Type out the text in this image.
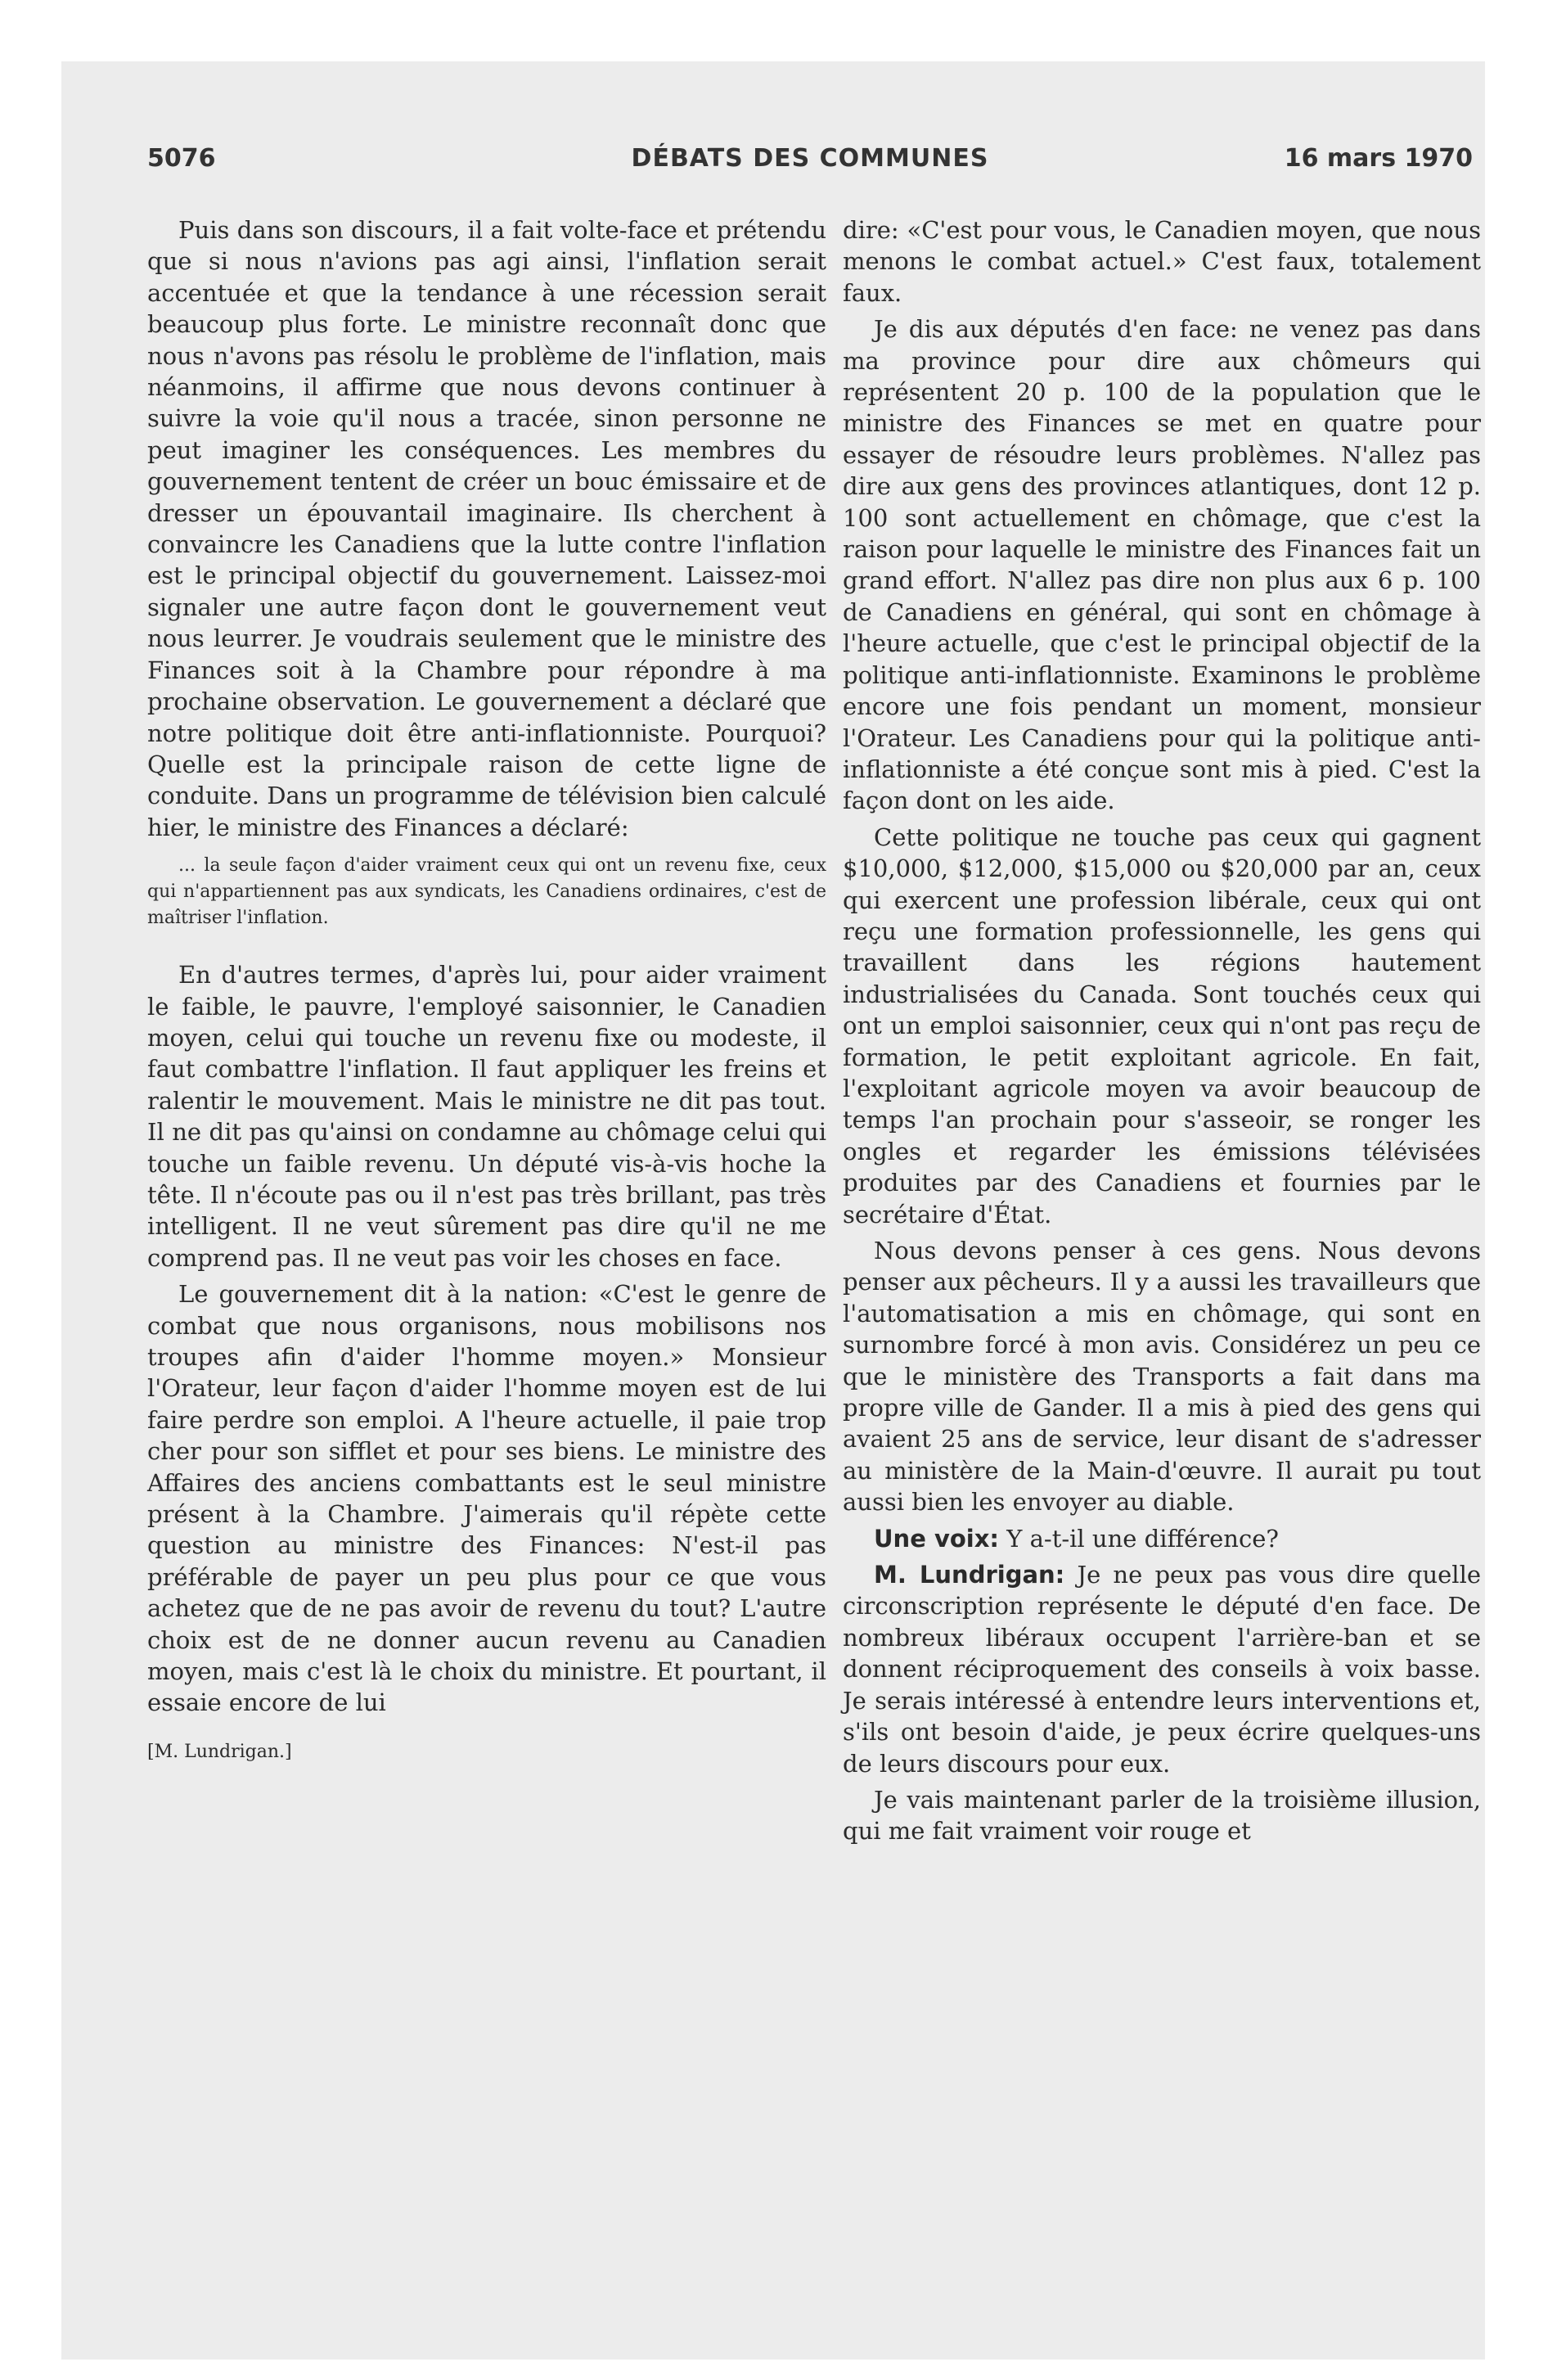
5076	DÉBATS DES COMMUNES	16 mars 1970

Puis dans son discours, il a fait volte-face et prétendu que si nous n'avions pas agi ainsi, l'inflation serait accentuée et que la tendance à une récession serait beaucoup plus forte. Le ministre reconnaît donc que nous n'avons pas résolu le problème de l'inflation, mais néanmoins, il affirme que nous devons continuer à suivre la voie qu'il nous a tracée, sinon personne ne peut imaginer les conséquences. Les membres du gouvernement tentent de créer un bouc émissaire et de dresser un épouvantail imaginaire. Ils cherchent à convaincre les Canadiens que la lutte contre l'inflation est le principal objectif du gouvernement. Laissez-moi signaler une autre façon dont le gouvernement veut nous leurrer. Je voudrais seulement que le ministre des Finances soit à la Chambre pour répondre à ma prochaine observation. Le gouvernement a déclaré que notre politique doit être anti-inflationniste. Pourquoi? Quelle est la principale raison de cette ligne de conduite. Dans un programme de télévision bien calculé hier, le ministre des Finances a déclaré:

... la seule façon d'aider vraiment ceux qui ont un revenu fixe, ceux qui n'appartiennent pas aux syndicats, les Canadiens ordinaires, c'est de maîtriser l'inflation.

En d'autres termes, d'après lui, pour aider vraiment le faible, le pauvre, l'employé saisonnier, le Canadien moyen, celui qui touche un revenu fixe ou modeste, il faut combattre l'inflation. Il faut appliquer les freins et ralentir le mouvement. Mais le ministre ne dit pas tout. Il ne dit pas qu'ainsi on condamne au chômage celui qui touche un faible revenu. Un député vis-à-vis hoche la tête. Il n'écoute pas ou il n'est pas très brillant, pas très intelligent. Il ne veut sûrement pas dire qu'il ne me comprend pas. Il ne veut pas voir les choses en face.

Le gouvernement dit à la nation: «C'est le genre de combat que nous organisons, nous mobilisons nos troupes afin d'aider l'homme moyen.» Monsieur l'Orateur, leur façon d'aider l'homme moyen est de lui faire perdre son emploi. A l'heure actuelle, il paie trop cher pour son sifflet et pour ses biens. Le ministre des Affaires des anciens combattants est le seul ministre présent à la Chambre. J'aimerais qu'il répète cette question au ministre des Finances: N'est-il pas préférable de payer un peu plus pour ce que vous achetez que de ne pas avoir de revenu du tout? L'autre choix est de ne donner aucun revenu au Canadien moyen, mais c'est là le choix du ministre. Et pourtant, il essaie encore de lui

[M. Lundrigan.]

dire: «C'est pour vous, le Canadien moyen, que nous menons le combat actuel.» C'est faux, totalement faux.

Je dis aux députés d'en face: ne venez pas dans ma province pour dire aux chômeurs qui représentent 20 p. 100 de la population que le ministre des Finances se met en quatre pour essayer de résoudre leurs problèmes. N'allez pas dire aux gens des provinces atlantiques, dont 12 p. 100 sont actuellement en chômage, que c'est la raison pour laquelle le ministre des Finances fait un grand effort. N'allez pas dire non plus aux 6 p. 100 de Canadiens en général, qui sont en chômage à l'heure actuelle, que c'est le principal objectif de la politique anti-inflationniste. Examinons le problème encore une fois pendant un moment, monsieur l'Orateur. Les Canadiens pour qui la politique anti-inflationniste a été conçue sont mis à pied. C'est la façon dont on les aide.

Cette politique ne touche pas ceux qui gagnent $10,000, $12,000, $15,000 ou $20,000 par an, ceux qui exercent une profession libérale, ceux qui ont reçu une formation professionnelle, les gens qui travaillent dans les régions hautement industrialisées du Canada. Sont touchés ceux qui ont un emploi saisonnier, ceux qui n'ont pas reçu de formation, le petit exploitant agricole. En fait, l'exploitant agricole moyen va avoir beaucoup de temps l'an prochain pour s'asseoir, se ronger les ongles et regarder les émissions télévisées produites par des Canadiens et fournies par le secrétaire d'État.

Nous devons penser à ces gens. Nous devons penser aux pêcheurs. Il y a aussi les travailleurs que l'automatisation a mis en chômage, qui sont en surnombre forcé à mon avis. Considérez un peu ce que le ministère des Transports a fait dans ma propre ville de Gander. Il a mis à pied des gens qui avaient 25 ans de service, leur disant de s'adresser au ministère de la Main-d'œuvre. Il aurait pu tout aussi bien les envoyer au diable.

Une voix: Y a-t-il une différence?

M. Lundrigan: Je ne peux pas vous dire quelle circonscription représente le député d'en face. De nombreux libéraux occupent l'arrière-ban et se donnent réciproquement des conseils à voix basse. Je serais intéressé à entendre leurs interventions et, s'ils ont besoin d'aide, je peux écrire quelques-uns de leurs discours pour eux.

Je vais maintenant parler de la troisième illusion, qui me fait vraiment voir rouge et
